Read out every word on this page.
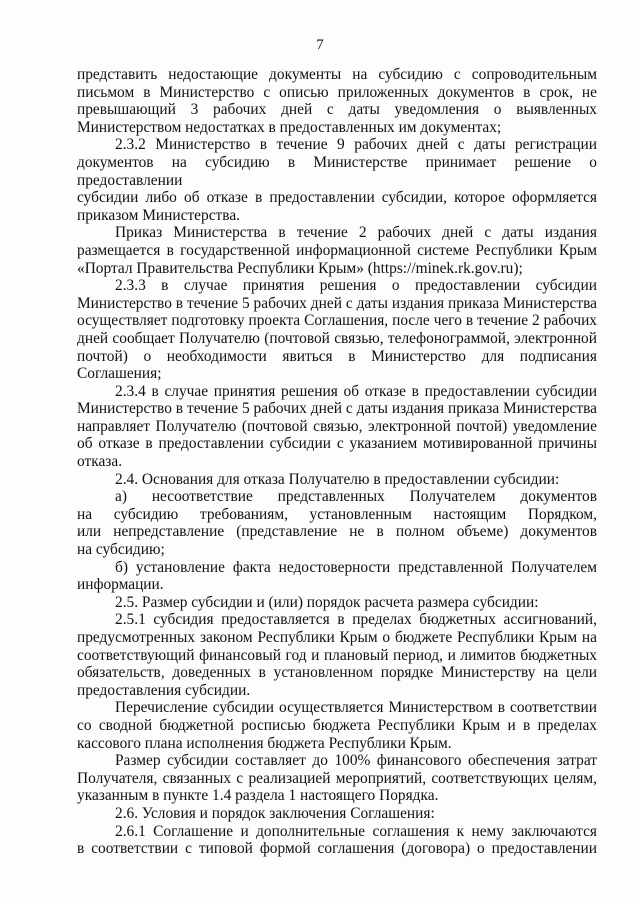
7
представить недостающие документы на субсидию с сопроводительным
письмом в Министерство с описью приложенных документов в срок, не
превышающий 3 рабочих дней с даты уведомления о выявленных
Министерством недостатках в предоставленных им документах;
2.3.2 Министерство в течение 9 рабочих дней с даты регистрации
документов на субсидию в Министерстве принимает решение о предоставлении
субсидии либо об отказе в предоставлении субсидии, которое оформляется
приказом Министерства.
Приказ Министерства в течение 2 рабочих дней с даты издания
размещается в государственной информационной системе Республики Крым
«Портал Правительства Республики Крым» (https://minek.rk.gov.ru);
2.3.3 в случае принятия решения о предоставлении субсидии
Министерство в течение 5 рабочих дней с даты издания приказа Министерства
осуществляет подготовку проекта Соглашения, после чего в течение 2 рабочих
дней сообщает Получателю (почтовой связью, телефонограммой, электронной
почтой) о необходимости явиться в Министерство для подписания Соглашения;
2.3.4 в случае принятия решения об отказе в предоставлении субсидии
Министерство в течение 5 рабочих дней с даты издания приказа Министерства
направляет Получателю (почтовой связью, электронной почтой) уведомление
об отказе в предоставлении субсидии с указанием мотивированной причины
отказа.
2.4. Основания для отказа Получателю в предоставлении субсидии:
а) несоответствие представленных Получателем документов
на субсидию требованиям, установленным настоящим Порядком,
или непредставление (представление не в полном объеме) документов
на субсидию;
б) установление факта недостоверности представленной Получателем
информации.
2.5. Размер субсидии и (или) порядок расчета размера субсидии:
2.5.1 субсидия предоставляется в пределах бюджетных ассигнований,
предусмотренных законом Республики Крым о бюджете Республики Крым на
соответствующий финансовый год и плановый период, и лимитов бюджетных
обязательств, доведенных в установленном порядке Министерству на цели
предоставления субсидии.
Перечисление субсидии осуществляется Министерством в соответствии
со сводной бюджетной росписью бюджета Республики Крым и в пределах
кассового плана исполнения бюджета Республики Крым.
Размер субсидии составляет до 100% финансового обеспечения затрат
Получателя, связанных с реализацией мероприятий, соответствующих целям,
указанным в пункте 1.4 раздела 1 настоящего Порядка.
2.6. Условия и порядок заключения Соглашения:
2.6.1 Соглашение и дополнительные соглашения к нему заключаются
в соответствии с типовой формой соглашения (договора) о предоставлении
